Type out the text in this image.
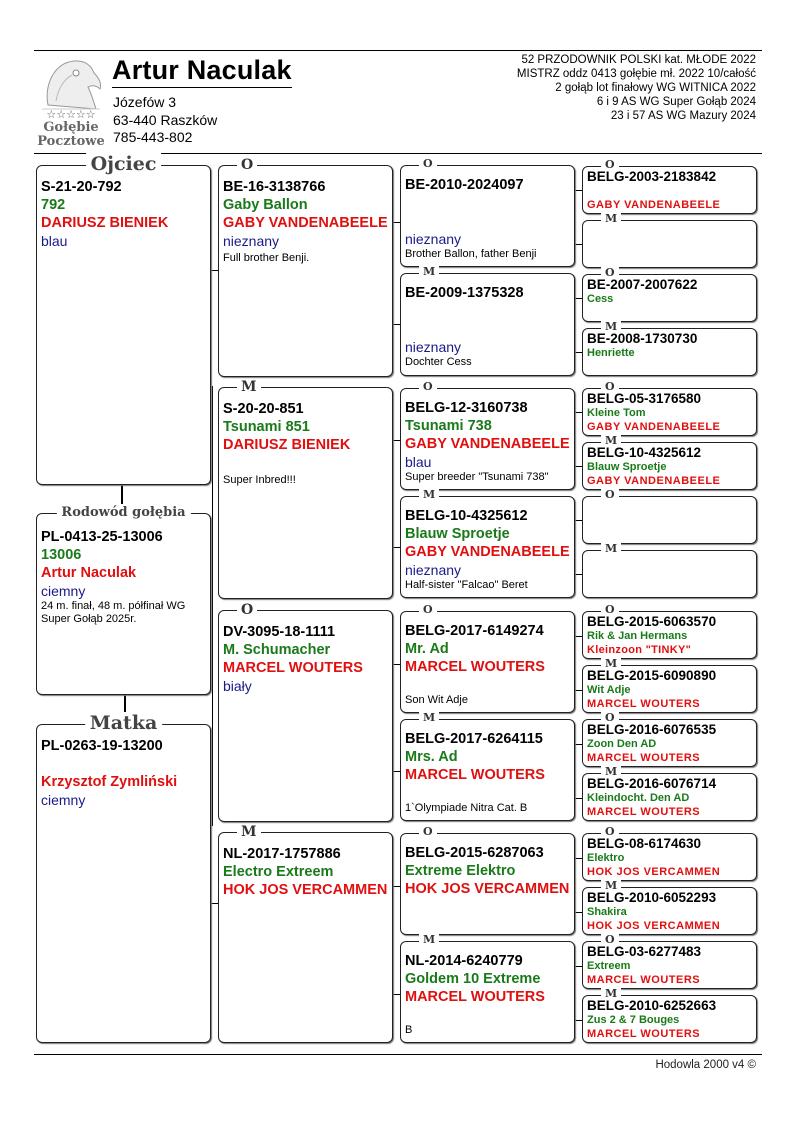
☆☆☆☆☆
Gołębie
Pocztowe
Artur Naculak
Józefów 3
63-440 Raszków
785-443-802
52 PRZODOWNIK POLSKI kat. MŁODE 2022
MISTRZ oddz 0413 gołębie mł. 2022 10/całość
2 gołąb lot finałowy WG WITNICA 2022
6 i 9 AS WG Super Gołąb 2024
23 i 57 AS WG Mazury 2024
Ojciec
S-21-20-792
792
DARIUSZ BIENIEK
blau
Rodowód gołębia
PL-0413-25-13006
13006
Artur Naculak
ciemny
24 m. finał, 48 m. półfinał WG Super Gołąb 2025r.
Matka
PL-0263-19-13200
Krzysztof Zymliński
ciemny
O
BE-16-3138766
Gaby Ballon
GABY VANDENABEELE
nieznany
Full brother Benji.
M
S-20-20-851
Tsunami 851
DARIUSZ BIENIEK
Super Inbred!!!
O
DV-3095-18-1111
M. Schumacher
MARCEL WOUTERS
biały
M
NL-2017-1757886
Electro Extreem
HOK JOS VERCAMMEN
O
BE-2010-2024097
nieznany
Brother Ballon, father Benji
M
BE-2009-1375328
nieznany
Dochter Cess
O
BELG-12-3160738
Tsunami 738
GABY VANDENABEELE
blau
Super breeder "Tsunami 738"
M
BELG-10-4325612
Blauw Sproetje
GABY VANDENABEELE
nieznany
Half-sister "Falcao" Beret
O
BELG-2017-6149274
Mr. Ad
MARCEL WOUTERS
Son Wit Adje
M
BELG-2017-6264115
Mrs. Ad
MARCEL WOUTERS
1`Olympiade Nitra Cat. B
O
BELG-2015-6287063
Extreme Elektro
HOK JOS VERCAMMEN
M
NL-2014-6240779
Goldem 10 Extreme
MARCEL WOUTERS
B
O
BELG-2003-2183842
GABY VANDENABEELE
M
O
BE-2007-2007622
Cess
M
BE-2008-1730730
Henriette
O
BELG-05-3176580
Kleine Tom
GABY VANDENABEELE
M
BELG-10-4325612
Blauw Sproetje
GABY VANDENABEELE
O
M
O
BELG-2015-6063570
Rik & Jan Hermans
Kleinzoon "TINKY"
M
BELG-2015-6090890
Wit Adje
MARCEL WOUTERS
O
BELG-2016-6076535
Zoon Den AD
MARCEL WOUTERS
M
BELG-2016-6076714
Kleindocht. Den AD
MARCEL WOUTERS
O
BELG-08-6174630
Elektro
HOK JOS VERCAMMEN
M
BELG-2010-6052293
Shakira
HOK JOS VERCAMMEN
O
BELG-03-6277483
Extreem
MARCEL WOUTERS
M
BELG-2010-6252663
Zus 2 & 7 Bouges
MARCEL WOUTERS
Hodowla 2000 v4 ©
